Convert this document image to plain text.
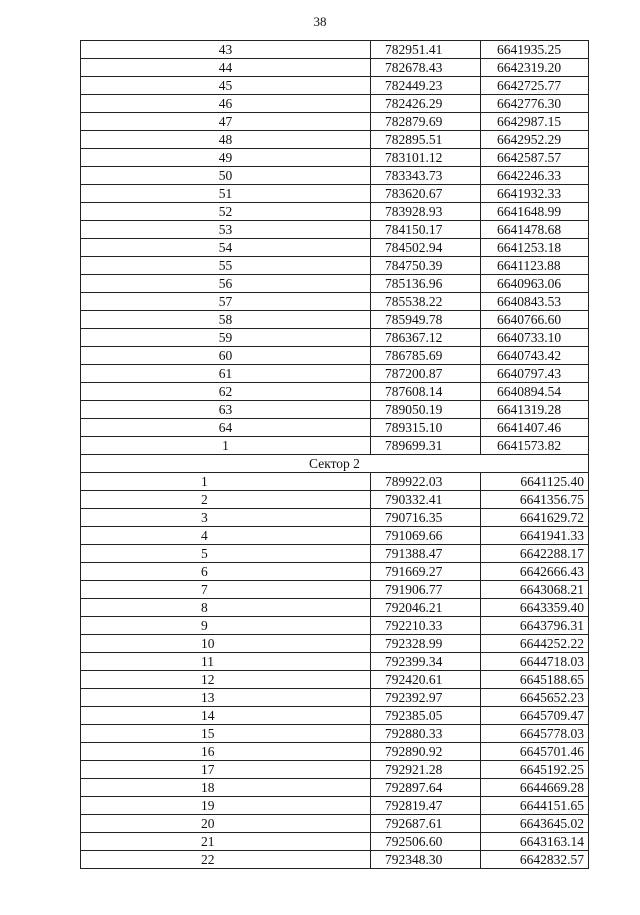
38
43	782951.41	6641935.25
44	782678.43	6642319.20
45	782449.23	6642725.77
46	782426.29	6642776.30
47	782879.69	6642987.15
48	782895.51	6642952.29
49	783101.12	6642587.57
50	783343.73	6642246.33
51	783620.67	6641932.33
52	783928.93	6641648.99
53	784150.17	6641478.68
54	784502.94	6641253.18
55	784750.39	6641123.88
56	785136.96	6640963.06
57	785538.22	6640843.53
58	785949.78	6640766.60
59	786367.12	6640733.10
60	786785.69	6640743.42
61	787200.87	6640797.43
62	787608.14	6640894.54
63	789050.19	6641319.28
64	789315.10	6641407.46
1	789699.31	6641573.82
Сектор 2		
1	789922.03	6641125.40
2	790332.41	6641356.75
3	790716.35	6641629.72
4	791069.66	6641941.33
5	791388.47	6642288.17
6	791669.27	6642666.43
7	791906.77	6643068.21
8	792046.21	6643359.40
9	792210.33	6643796.31
10	792328.99	6644252.22
11	792399.34	6644718.03
12	792420.61	6645188.65
13	792392.97	6645652.23
14	792385.05	6645709.47
15	792880.33	6645778.03
16	792890.92	6645701.46
17	792921.28	6645192.25
18	792897.64	6644669.28
19	792819.47	6644151.65
20	792687.61	6643645.02
21	792506.60	6643163.14
22	792348.30	6642832.57
